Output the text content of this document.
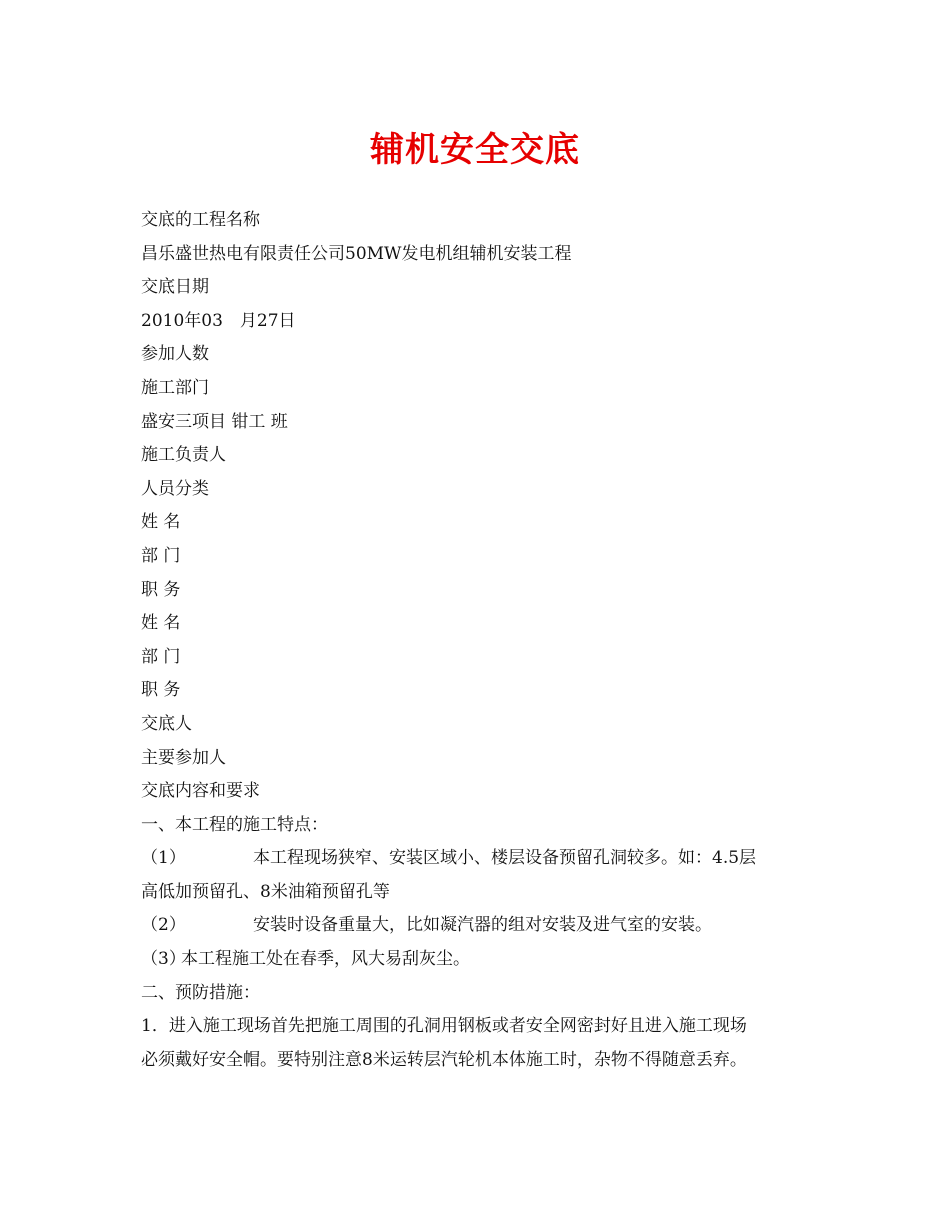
辅机安全交底
交底的工程名称
昌乐盛世热电有限责任公司50MW发电机组辅机安装工程
交底日期
2010年03　月27日
参加人数
施工部门
盛安三项目 钳工 班
施工负责人
人员分类
姓 名
部 门
职 务
姓 名
部 门
职 务
交底人
主要参加人
交底内容和要求
一、本工程的施工特点：
（1）	本工程现场狭窄、安装区域小、楼层设备预留孔洞较多。如：4.5层
高低加预留孔、8米油箱预留孔等
（2）	安装时设备重量大，比如凝汽器的组对安装及进气室的安装。
（3）本工程施工处在春季，风大易刮灰尘。
二、预防措施：
1．进入施工现场首先把施工周围的孔洞用钢板或者安全网密封好且进入施工现场
必须戴好安全帽。要特别注意8米运转层汽轮机本体施工时，杂物不得随意丢弃。
